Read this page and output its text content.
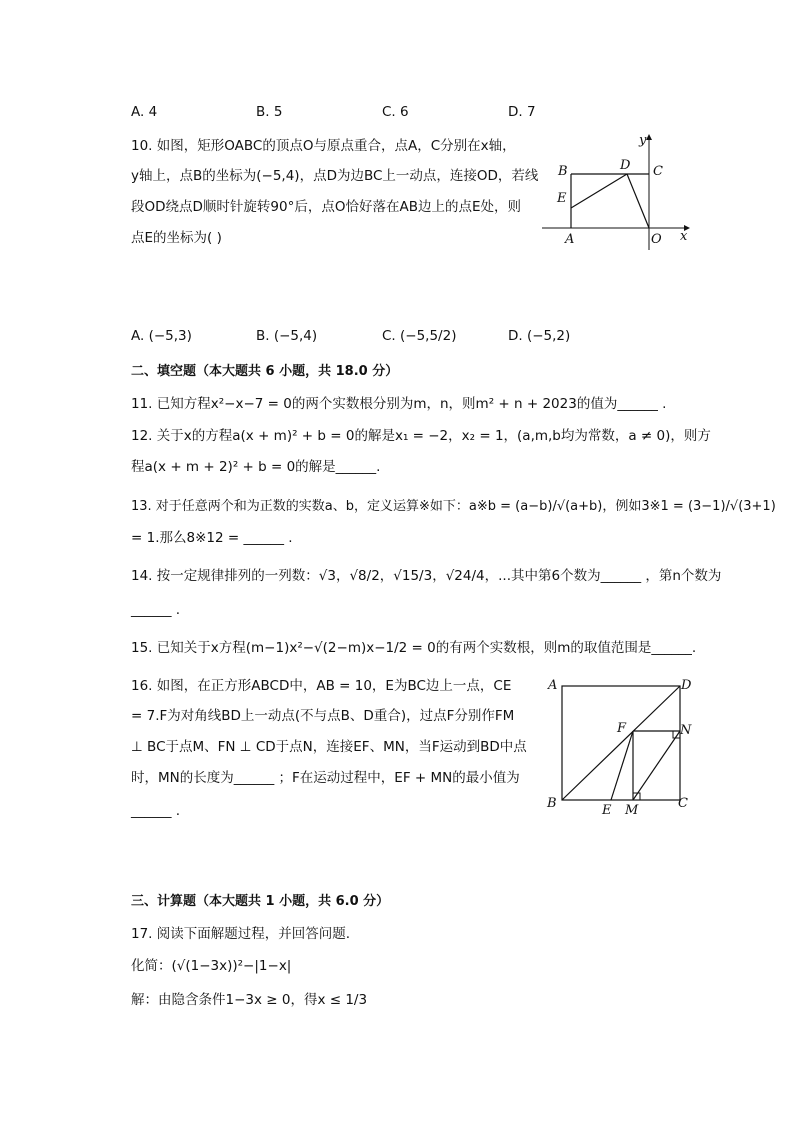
A. 4	B. 5	C. 6	D. 7
10. 如图，矩形OABC的顶点O与原点重合，点A，C分别在x轴，
y轴上，点B的坐标为(−5,4)，点D为边BC上一动点，连接OD，若线
段OD绕点D顺时针旋转90°后，点O恰好落在AB边上的点E处，则
点E的坐标为( )
B	D C
y
E
A	O x
A. (−5,3)	B. (−5,4)	C. (−5,5/2)	D. (−5,2)
二、填空题（本大题共 6 小题，共 18.0 分）
11. 已知方程x²−x−7 = 0的两个实数根分别为m，n，则m² + n + 2023的值为______ .
12. 关于x的方程a(x + m)² + b = 0的解是x₁ = −2，x₂ = 1，(a,m,b均为常数，a ≠ 0)，则方
程a(x + m + 2)² + b = 0的解是______.
13. 对于任意两个和为正数的实数a、b，定义运算※如下：a※b = (a−b)/√(a+b)，例如3※1 = (3−1)/√(3+1)
= 1.那么8※12 = ______ .
14. 按一定规律排列的一列数：√3，√8/2，√15/3，√24/4，...其中第6个数为______ ，第n个数为
______ .
15. 已知关于x方程(m−1)x²−√(2−m)x−1/2 = 0的有两个实数根，则m的取值范围是______.
16. 如图，在正方形ABCD中，AB = 10，E为BC边上一点，CE
= 7.F为对角线BD上一动点(不与点B、D重合)，过点F分别作FM
⊥ BC于点M、FN ⊥ CD于点N，连接EF、MN，当F运动到BD中点
时，MN的长度为______ ；F在运动过程中，EF + MN的最小值为
______ .
A	D
F	N
B	E M	C
三、计算题（本大题共 1 小题，共 6.0 分）
17. 阅读下面解题过程，并回答问题.
化简：(√(1−3x))²−|1−x|
解：由隐含条件1−3x ≥ 0，得x ≤ 1/3
